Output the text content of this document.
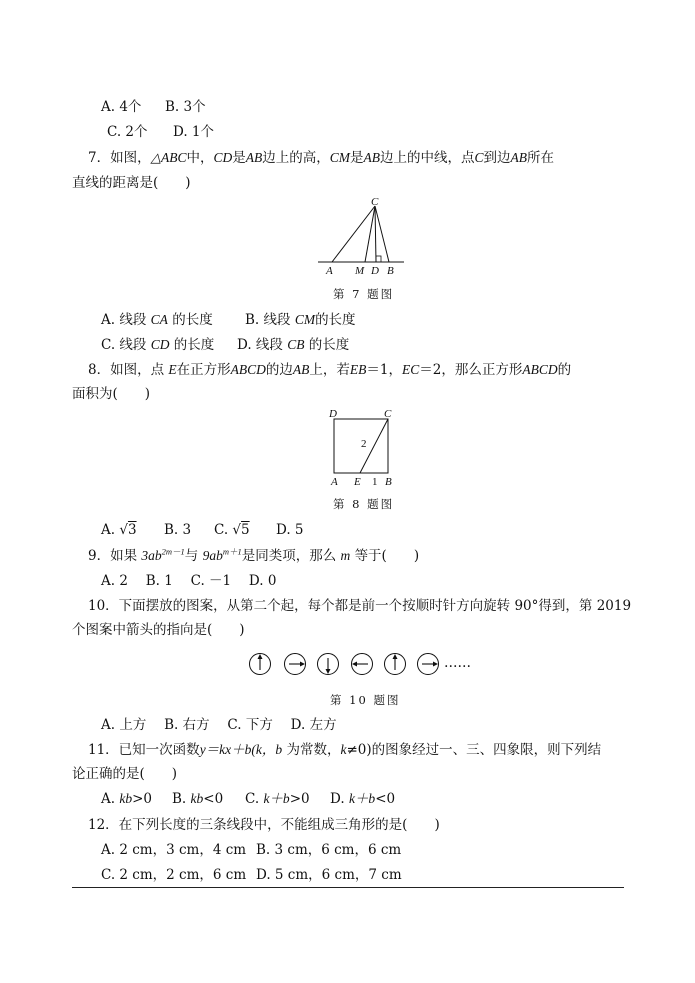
A. 4个 B. 3个
C. 2个 D. 1个
7．如图，△ABC中，CD是AB边上的高，CM是AB边上的中线，点C到边AB所在
直线的距离是(　　)
C
A M D B
第 7 题图
A. 线段 CA 的长度 B. 线段 CM的长度
C. 线段 CD 的长度 D. 线段 CB 的长度
8．如图，点 E在正方形ABCD的边AB上，若EB＝1，EC＝2，那么正方形ABCD的
面积为(　　)
D	C
A E B
2
1
第 8 题图
A. √3 B. 3 C. √5 D. 5
9．如果 $3ab^{2m-1}$与 $9ab^{m+1}$是同类项，那么 m 等于(　　)
A. 2　 B. 1　 C. －1　 D. 0
10．下面摆放的图案，从第二个起，每个都是前一个按顺时针方向旋转 90°得到，第 2019
个图案中箭头的指向是(　　)
……
第 10 题图
A. 上方　 B. 右方　 C. 下方　 D. 左方
11．已知一次函数y＝kx＋b(k，b 为常数，k≠0)的图象经过一、三、四象限，则下列结
论正确的是(　　)
A. kb>0 B. kb<0 C. k＋b>0 D. k＋b<0
12．在下列长度的三条线段中，不能组成三角形的是(　　)
A. 2 cm，3 cm，4 cm B. 3 cm，6 cm，6 cm
C. 2 cm，2 cm，6 cm D. 5 cm，6 cm，7 cm
